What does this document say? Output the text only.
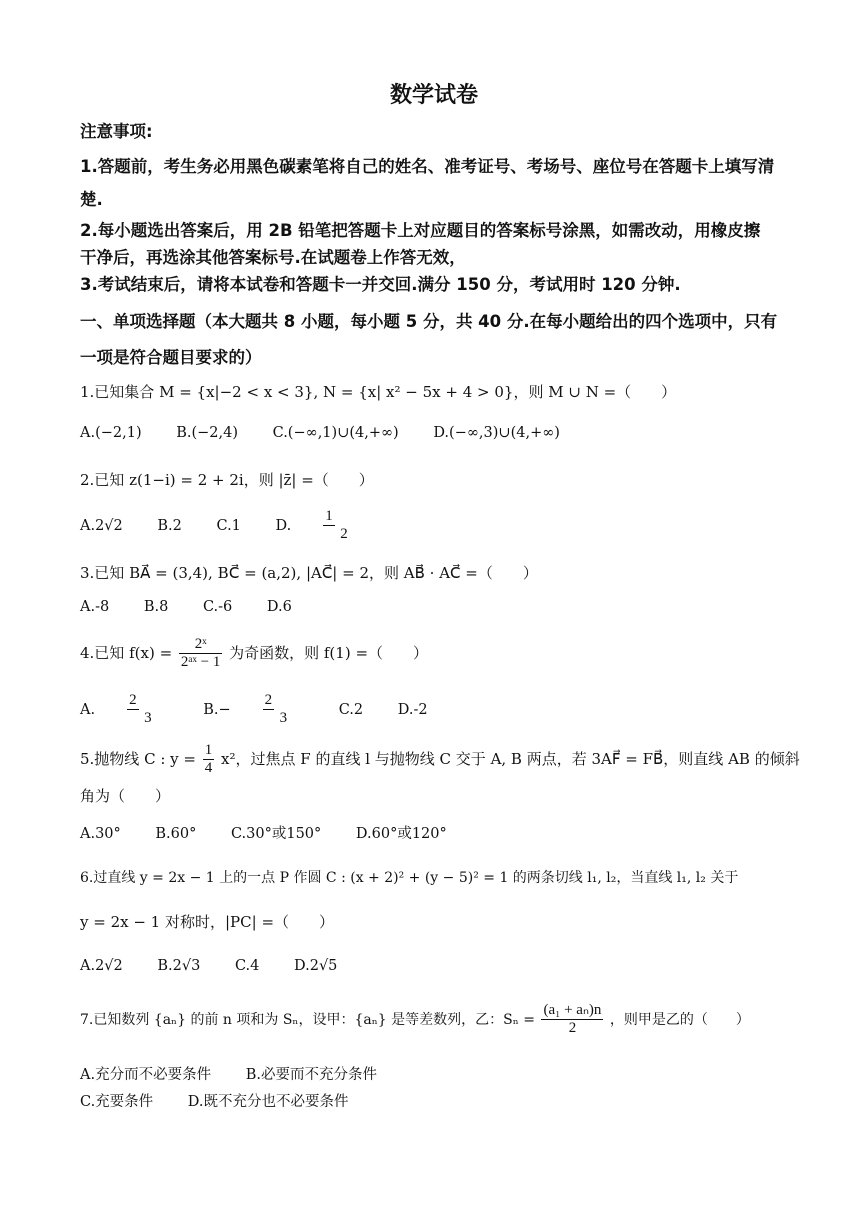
数学试卷
注意事项:
1.答题前，考生务必用黑色碳素笔将自己的姓名、准考证号、考场号、座位号在答题卡上填写清
楚.
2.每小题选出答案后，用 2B 铅笔把答题卡上对应题目的答案标号涂黑，如需改动，用橡皮擦
干净后，再选涂其他答案标号.在试题卷上作答无效，
3.考试结束后，请将本试卷和答题卡一并交回.满分 150 分，考试用时 120 分钟.
一、单项选择题（本大题共 8 小题，每小题 5 分，共 40 分.在每小题给出的四个选项中，只有
一项是符合题目要求的）
1.已知集合 M = {x|−2 < x < 3}, N = {x| x² − 5x + 4 > 0}，则 M ∪ N =（　　）
A.(−2,1) B.(−2,4) C.(−∞,1)∪(4,+∞) D.(−∞,3)∪(4,+∞)
2.已知 z(1−i) = 2 + 2i，则 |z̄| =（　　）
A.2√2 B.2 C.1 D. $\frac{1}{2}$
3.已知 BA⃗ = (3,4), BC⃗ = (a,2), |AC⃗| = 2，则 AB⃗ · AC⃗ =（　　）
A.-8 B.8 C.-6 D.6
4.已知 $f(x) = \frac{\text{2ˣ}}{\text{2ᵃˣ − 1}}$ 为奇函数，则 f(1) =（　　）
A. $\frac{2}{3} B.- \frac{2}{3} C.2$ D.-2
5.抛物线 C : $y = \frac{1}{4} x^2$，过焦点 F 的直线 l 与抛物线 C 交于 A, B 两点，若 3AF⃗ = FB⃗，则直线 AB 的倾斜
角为（　　）
A.30° B.60° C.30°或150° D.60°或120°
6.过直线 y = 2x − 1 上的一点 P 作圆 C : (x + 2)² + (y − 5)² = 1 的两条切线 l₁, l₂，当直线 l₁, l₂ 关于
y = 2x − 1 对称时，|PC| =（　　）
A.2√2 B.2√3 C.4 D.2√5
7.已知数列 {aₙ} 的前 n 项和为 Sₙ，设甲：{aₙ} 是等差数列，乙：$S_n = \frac{\text{(a₁ + aₙ)n}}{2}$ ，则甲是乙的（　　）
A.充分而不必要条件 B.必要而不充分条件
C.充要条件 D.既不充分也不必要条件
